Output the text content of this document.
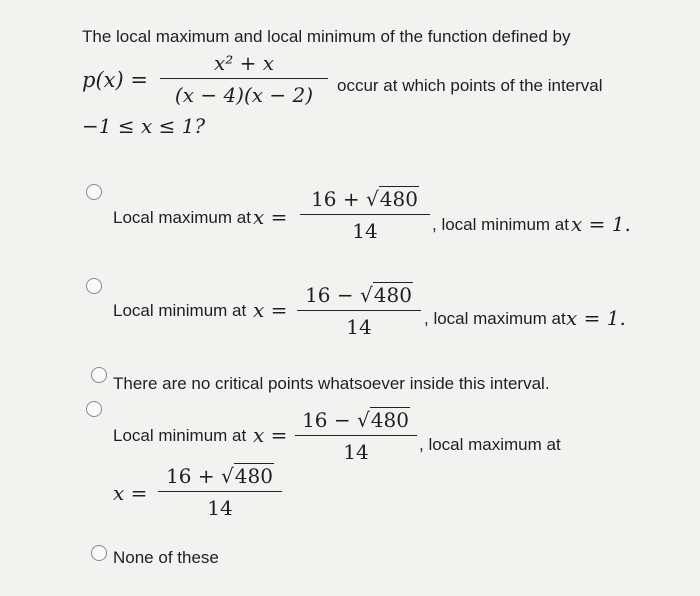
The local maximum and local minimum of the function defined by
p(x) =
x² + x
(x − 4)(x − 2)	occur at which points of the interval
−1 ≤ x ≤ 1?
Local maximum at x =
16 + √480
14	, local minimum at x = 1.
Local minimum at x =
16 − √480
14	, local maximum at x = 1.
There are no critical points whatsoever inside this interval.
Local minimum at x =
16 − √480
14	, local maximum at
x =
16 + √480
14
None of these
